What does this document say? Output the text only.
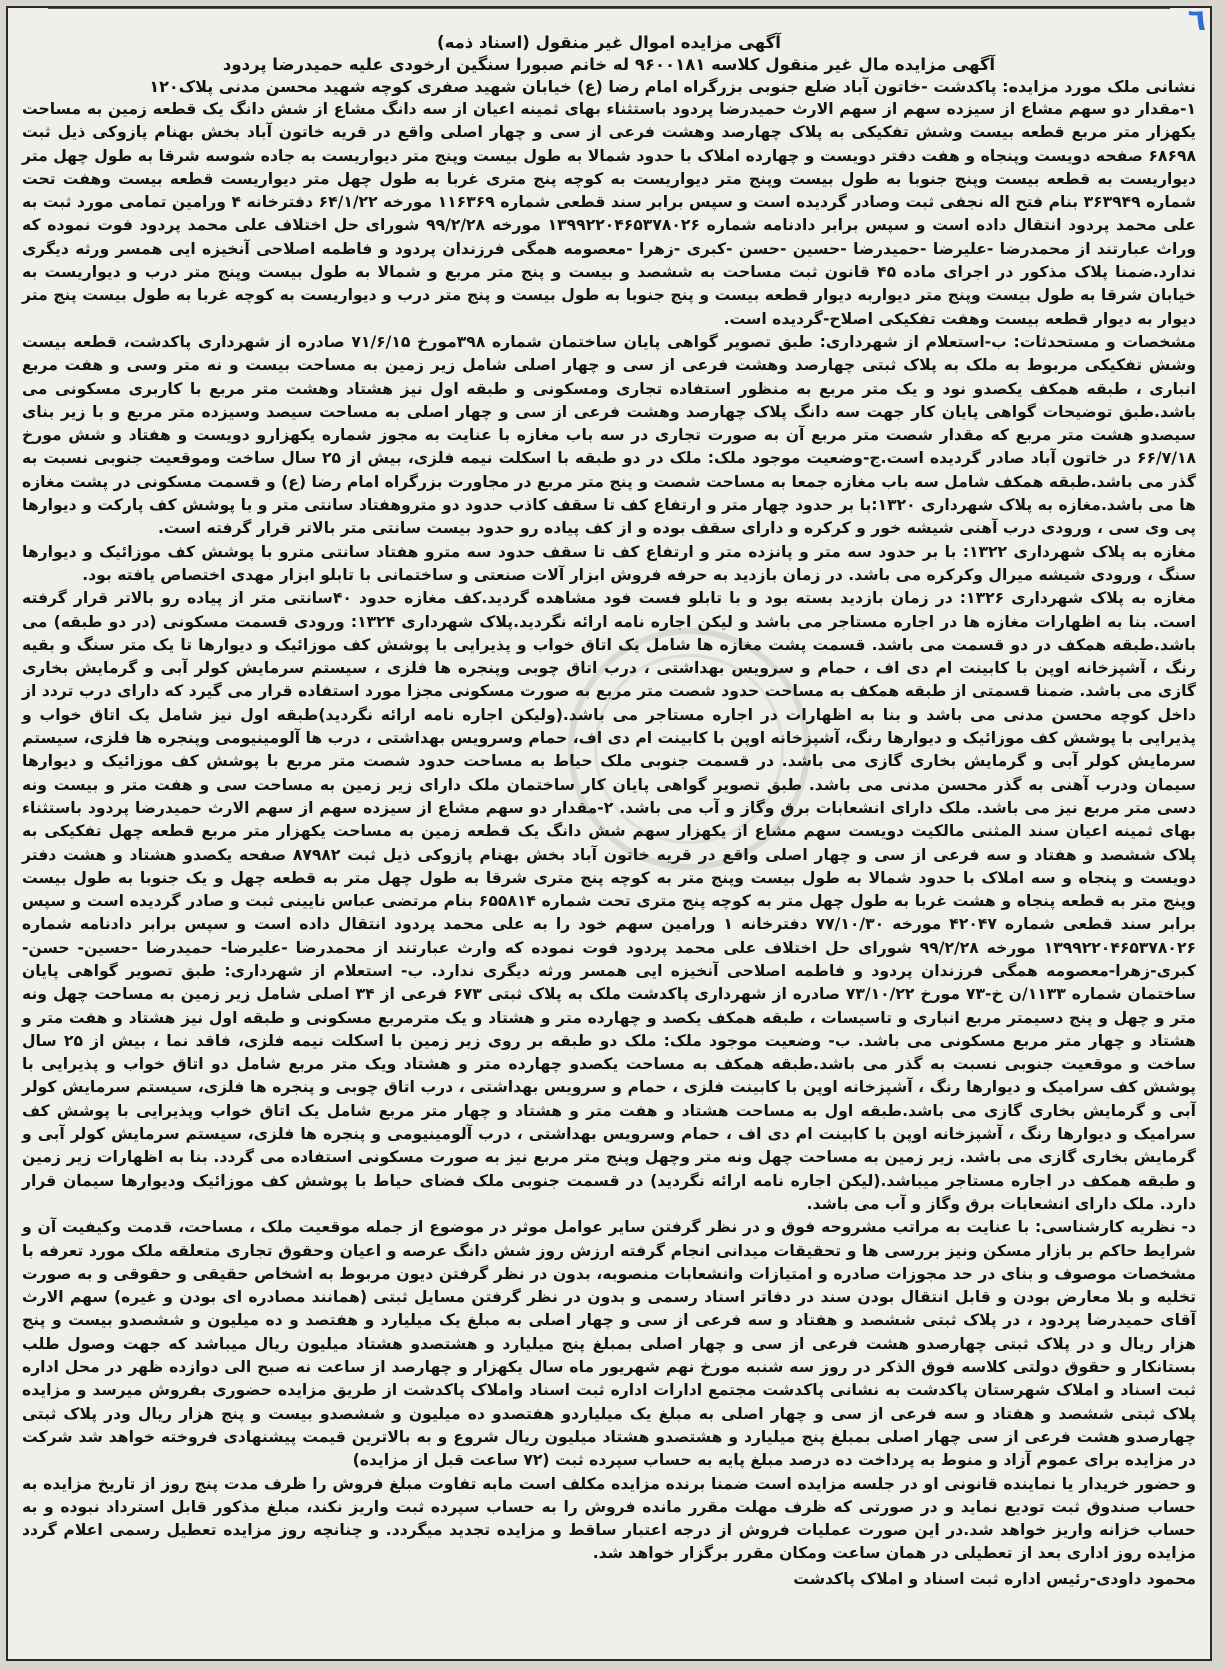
٦

آگهی مزایده اموال غیر منقول (اسناد ذمه)

آگهی مزایده مال غیر منقول کلاسه ۹۶۰۰۱۸۱ له خانم صبورا سنگین ارخودی علیه حمیدرضا پردود

نشانی ملک مورد مزایده: پاکدشت -خاتون آباد ضلع جنوبی بزرگراه امام رضا (ع) خیابان شهید صفری کوچه شهید محسن مدنی پلاک۱۲۰

۱-مقدار دو سهم مشاع از سیزده سهم از سهم الارث حمیدرضا پردود باستثناء بهای ثمینه اعیان از سه دانگ مشاع از شش دانگ یک قطعه زمین به مساحت یکهزار متر مربع قطعه بیست وشش تفکیکی به پلاک چهارصد وهشت فرعی از سی و چهار اصلی واقع در قریه خاتون آباد بخش بهنام پازوکی ذیل ثبت ۶۸۶۹۸ صفحه دویست وپنجاه و هفت دفتر دویست و چهارده املاک با حدود شمالا به طول بیست وپنج متر دیواریست به جاده شوسه شرقا به طول چهل متر دیواریست به قطعه بیست وپنج جنوبا به طول بیست وپنج متر دیواریست به کوچه پنج متری غربا به طول چهل متر دیواریست قطعه بیست وهفت تحت شماره ۳۶۳۹۴۹ بنام فتح اله نجفی ثبت وصادر گردیده است و سپس برابر سند قطعی شماره ۱۱۶۳۶۹ مورخه ۶۴/۱/۲۲ دفترخانه ۴ ورامین تمامی مورد ثبت به علی محمد پردود انتقال داده است و سپس برابر دادنامه شماره ۱۳۹۹۲۲۰۴۶۵۳۷۸۰۲۶ مورخه ۹۹/۲/۲۸ شورای حل اختلاف علی محمد پردود فوت نموده که وراث عبارتند از محمدرضا -علیرضا -حمیدرضا -حسین -حسن -کبری -زهرا -معصومه همگی فرزندان پردود و فاطمه اصلاحی آنخیزه ایی همسر ورثه دیگری ندارد.ضمنا پلاک مذکور در اجرای ماده ۴۵ قانون ثبت مساحت به ششصد و بیست و پنج متر مربع و شمالا به طول بیست وپنج متر درب و دیواریست به خیابان شرقا به طول بیست وپنج متر دیواربه دیوار قطعه بیست و پنج جنوبا به طول بیست و پنج متر درب و دیواریست به کوچه غربا به طول بیست پنج متر دیوار به دیوار قطعه بیست وهفت تفکیکی اصلاح-گردیده است.

مشخصات و مستحدثات: ب-استعلام از شهرداری: طبق تصویر گواهی پایان ساختمان شماره ۳۹۸مورخ ۷۱/۶/۱۵ صادره از شهرداری پاکدشت، قطعه بیست وشش تفکیکی مربوط به ملک به پلاک ثبتی چهارصد وهشت فرعی از سی و چهار اصلی شامل زیر زمین به مساحت بیست و نه متر وسی و هفت مربع انباری ، طبقه همکف یکصدو نود و یک متر مربع به منظور استفاده تجاری ومسکونی و طبقه اول نیز هشتاد وهشت متر مربع با کاربری مسکونی می باشد.طبق توضیحات گواهی پایان کار جهت سه دانگ پلاک چهارصد وهشت فرعی از سی و چهار اصلی به مساحت سیصد وسیزده متر مربع و با زیر بنای سیصدو هشت متر مربع که مقدار شصت متر مربع آن به صورت تجاری در سه باب مغازه با عنایت به مجوز شماره یکهزارو دویست و هفتاد و شش مورخ ۶۶/۷/۱۸ در خاتون آباد صادر گردیده است.ج-وضعیت موجود ملک: ملک در دو طبقه با اسکلت نیمه فلزی، بیش از ۲۵ سال ساخت وموقعیت جنوبی نسبت به گذر می باشد.طبقه همکف شامل سه باب مغازه جمعا به مساحت شصت و پنج متر مربع در مجاورت بزرگراه امام رضا (ع) و قسمت مسکونی در پشت مغازه ها می باشد.مغازه به پلاک شهرداری ۱۳۲۰:با بر حدود چهار متر و ارتفاع کف تا سقف کاذب حدود دو متروهفتاد سانتی متر و با پوشش کف پارکت و دیوارها پی وی سی ، ورودی درب آهنی شیشه خور و کرکره و دارای سقف بوده و از کف پیاده رو حدود بیست سانتی متر بالاتر قرار گرفته است.

مغازه به پلاک شهرداری ۱۳۲۲: با بر حدود سه متر و پانزده متر و ارتفاع کف تا سقف حدود سه مترو هفتاد سانتی مترو با پوشش کف موزائیک و دیوارها سنگ ، ورودی شیشه میرال وکرکره می باشد. در زمان بازدید به حرفه فروش ابزار آلات صنعتی و ساختمانی با تابلو ابزار مهدی اختصاص یافته بود.

مغازه به پلاک شهرداری ۱۳۲۶: در زمان بازدید بسته بود و با تابلو فست فود مشاهده گردید.کف مغازه حدود ۴۰سانتی متر از پیاده رو بالاتر قرار گرفته است. بنا به اظهارات مغازه ها در اجاره مستاجر می باشد و لیکن اجاره نامه ارائه نگردید.پلاک شهرداری ۱۳۲۴: ورودی قسمت مسکونی (در دو طبقه) می باشد.طبقه همکف در دو قسمت می باشد. قسمت پشت مغازه ها شامل یک اتاق خواب و پذیرایی با پوشش کف موزائیک و دیوارها تا یک متر سنگ و بقیه رنگ ، آشپزخانه اوپن با کابینت ام دی اف ، حمام و سرویس بهداشتی ، درب اتاق چوبی وپنجره ها فلزی ، سیستم سرمایش کولر آبی و گرمایش بخاری گازی می باشد. ضمنا قسمتی از طبقه همکف به مساحت حدود شصت متر مربع به صورت مسکونی مجزا مورد استفاده قرار می گیرد که دارای درب تردد از داخل کوچه محسن مدنی می باشد و بنا به اظهارات در اجاره مستاجر می باشد.(ولیکن اجاره نامه ارائه نگردید)طبقه اول نیز شامل یک اتاق خواب و پذیرایی با پوشش کف موزائیک و دیوارها رنگ، آشپزخانه اوپن با کابینت ام دی اف، حمام وسرویس بهداشتی ، درب ها آلومینیومی وپنجره ها فلزی، سیستم سرمایش کولر آبی و گرمایش بخاری گازی می باشد. در قسمت جنوبی ملک حیاط به مساحت حدود شصت متر مربع با پوشش کف موزائیک و دیوارها سیمان ودرب آهنی به گذر محسن مدنی می باشد. طبق تصویر گواهی پایان کار ساختمان ملک دارای زیر زمین به مساحت سی و هفت متر و بیست ونه دسی متر مربع نیز می باشد. ملک دارای انشعابات برق وگاز و آب می باشد. ۲-مقدار دو سهم مشاع از سیزده سهم از سهم الارث حمیدرضا پردود باستثناء بهای ثمینه اعیان سند المثنی مالکیت دویست سهم مشاع از یکهزار سهم شش دانگ یک قطعه زمین به مساحت یکهزار متر مربع قطعه چهل تفکیکی به پلاک ششصد و هفتاد و سه فرعی از سی و چهار اصلی واقع در قریه خاتون آباد بخش بهنام پازوکی ذیل ثبت ۸۷۹۸۲ صفحه یکصدو هشتاد و هشت دفتر دویست و پنجاه و سه املاک با حدود شمالا به طول بیست وپنج متر به کوچه پنج متری شرقا به طول چهل متر به قطعه چهل و یک جنوبا به طول بیست وپنج متر به قطعه پنجاه و هشت غربا به طول چهل متر به کوچه پنج متری تحت شماره ۶۵۵۸۱۴ بنام مرتضی عباس نایینی ثبت و صادر گردیده است و سپس برابر سند قطعی شماره ۴۲۰۴۷ مورخه ۷۷/۱۰/۳۰ دفترخانه ۱ ورامین سهم خود را به علی محمد پردود انتقال داده است و سپس برابر دادنامه شماره ۱۳۹۹۲۲۰۴۶۵۳۷۸۰۲۶ مورخه ۹۹/۲/۲۸ شورای حل اختلاف علی محمد پردود فوت نموده که وارث عبارتند از محمدرضا -علیرضا- حمیدرضا -حسین- حسن- کبری-زهرا-معصومه همگی فرزندان پردود و فاطمه اصلاحی آنخیزه ایی همسر ورثه دیگری ندارد. ب- استعلام از شهرداری: طبق تصویر گواهی پایان ساختمان شماره ۱۱۳۳/ن خ-۷۳ مورخ ۷۳/۱۰/۲۲ صادره از شهرداری پاکدشت ملک به پلاک ثبتی ۶۷۳ فرعی از ۳۴ اصلی شامل زیر زمین به مساحت چهل ونه متر و چهل و پنج دسیمتر مربع انباری و تاسیسات ، طبقه همکف یکصد و چهارده متر و هشتاد و یک مترمربع مسکونی و طبقه اول نیز هشتاد و هفت متر و هشتاد و چهار متر مربع مسکونی می باشد. ب- وضعیت موجود ملک: ملک دو طبقه بر روی زیر زمین با اسکلت نیمه فلزی، فاقد نما ، بیش از ۲۵ سال ساخت و موقعیت جنوبی نسبت به گذر می باشد.طبقه همکف به مساحت یکصدو چهارده متر و هشتاد ویک متر مربع شامل دو اتاق خواب و پذیرایی با پوشش کف سرامیک و دیوارها رنگ ، آشپزخانه اوپن با کابینت فلزی ، حمام و سرویس بهداشتی ، درب اتاق چوبی و پنجره ها فلزی، سیستم سرمایش کولر آبی و گرمایش بخاری گازی می باشد.طبقه اول به مساحت هشتاد و هفت متر و هشتاد و چهار متر مربع شامل یک اتاق خواب وپذیرایی با پوشش کف سرامیک و دیوارها رنگ ، آشپزخانه اوپن با کابینت ام دی اف ، حمام وسرویس بهداشتی ، درب آلومینیومی و پنجره ها فلزی، سیستم سرمایش کولر آبی و گرمایش بخاری گازی می باشد. زیر زمین به مساحت چهل ونه متر وچهل وپنج متر مربع نیز به صورت مسکونی استفاده می گردد. بنا به اظهارات زیر زمین و طبقه همکف در اجاره مستاجر میباشد.(لیکن اجاره نامه ارائه نگردید) در قسمت جنوبی ملک فضای حیاط با پوشش کف موزائیک ودیوارها سیمان قرار دارد. ملک دارای انشعابات برق وگاز و آب می باشد.

د- نظریه کارشناسی: با عنایت به مراتب مشروحه فوق و در نظر گرفتن سایر عوامل موثر در موضوع از جمله موقعیت ملک ، مساحت، قدمت وکیفیت آن و شرایط حاکم بر بازار مسکن ونیز بررسی ها و تحقیقات میدانی انجام گرفته ارزش روز شش دانگ عرصه و اعیان وحقوق تجاری متعلقه ملک مورد تعرفه با مشخصات موصوف و بنای در حد مجوزات صادره و امتیازات وانشعابات منصوبه، بدون در نظر گرفتن دیون مربوط به اشخاص حقیقی و حقوقی و به صورت تخلیه و بلا معارض بودن و قابل انتقال بودن سند در دفاتر اسناد رسمی و بدون در نظر گرفتن مسایل ثبتی (همانند مصادره ای بودن و غیره) سهم الارث آقای حمیدرضا پردود ، در پلاک ثبتی ششصد و هفتاد و سه فرعی از سی و چهار اصلی به مبلغ یک میلیارد و هفتصد و ده میلیون و ششصدو بیست و پنج هزار ریال و در پلاک ثبتی چهارصدو هشت فرعی از سی و چهار اصلی بمبلغ پنج میلیارد و هشتصدو هشتاد میلیون ریال میباشد که جهت وصول طلب بستانکار و حقوق دولتی کلاسه فوق الذکر در روز سه شنبه مورخ نهم شهریور ماه سال یکهزار و چهارصد از ساعت نه صبح الی دوازده ظهر در محل اداره ثبت اسناد و املاک شهرستان پاکدشت به نشانی پاکدشت مجتمع ادارات اداره ثبت اسناد واملاک پاکدشت از طریق مزایده حضوری بفروش میرسد و مزایده پلاک ثبتی ششصد و هفتاد و سه فرعی از سی و چهار اصلی به مبلغ یک میلیاردو هفتصدو ده میلیون و ششصدو بیست و پنج هزار ریال ودر پلاک ثبتی چهارصدو هشت فرعی از سی چهار اصلی بمبلغ پنج میلیارد و هشتصدو هشتاد میلیون ریال شروع و به بالاترین قیمت پیشنهادی فروخته خواهد شد شرکت در مزایده برای عموم آزاد و منوط به پرداخت ده درصد مبلغ پایه به حساب سپرده ثبت (۷۲ ساعت قبل از مزایده)

و حضور خریدار یا نماینده قانونی او در جلسه مزایده است ضمنا برنده مزایده مکلف است مابه تفاوت مبلغ فروش را ظرف مدت پنج روز از تاریخ مزایده به حساب صندوق ثبت تودیع نماید و در صورتی که ظرف مهلت مقرر مانده فروش را به حساب سپرده ثبت واریز نکند، مبلغ مذکور قابل استرداد نبوده و به حساب خزانه واریز خواهد شد.در این صورت عملیات فروش از درجه اعتبار ساقط و مزایده تجدید میگردد. و چنانچه روز مزایده تعطیل رسمی اعلام گردد مزایده روز اداری بعد از تعطیلی در همان ساعت ومکان مقرر برگزار خواهد شد.

محمود داودی-رئیس اداره ثبت اسناد و املاک پاکدشت
